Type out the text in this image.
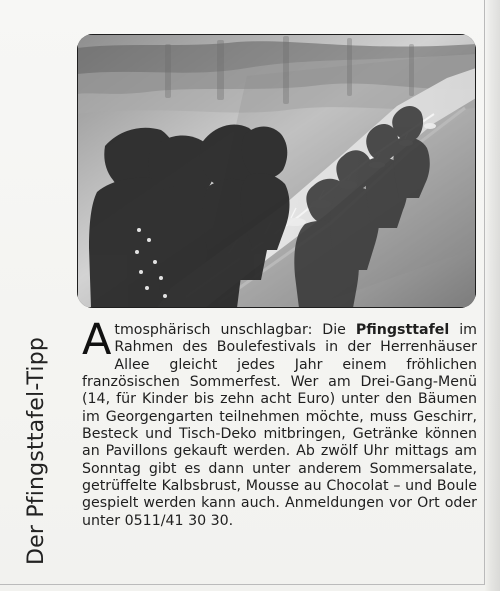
Der Pfingsttafel-Tipp A tmosphärisch unschlagbar: Die Pfingsttafel im Rahmen des Boulefestivals in der Herrenhäuser Allee gleicht jedes Jahr einem fröhlichen französischen Sommerfest. Wer am Drei-Gang-Menü (14, für Kinder bis zehn acht Euro) unter den Bäumen im Georgengarten teilnehmen möchte, muss Geschirr, Besteck und Tisch-Deko mitbringen, Getränke können an Pavillons gekauft werden. Ab zwölf Uhr mittags am Sonntag gibt es dann unter anderem Sommersalate, getrüffelte Kalbsbrust, Mousse au Chocolat – und Boule gespielt werden kann auch. Anmeldungen vor Ort oder unter 0511/41 30 30.
